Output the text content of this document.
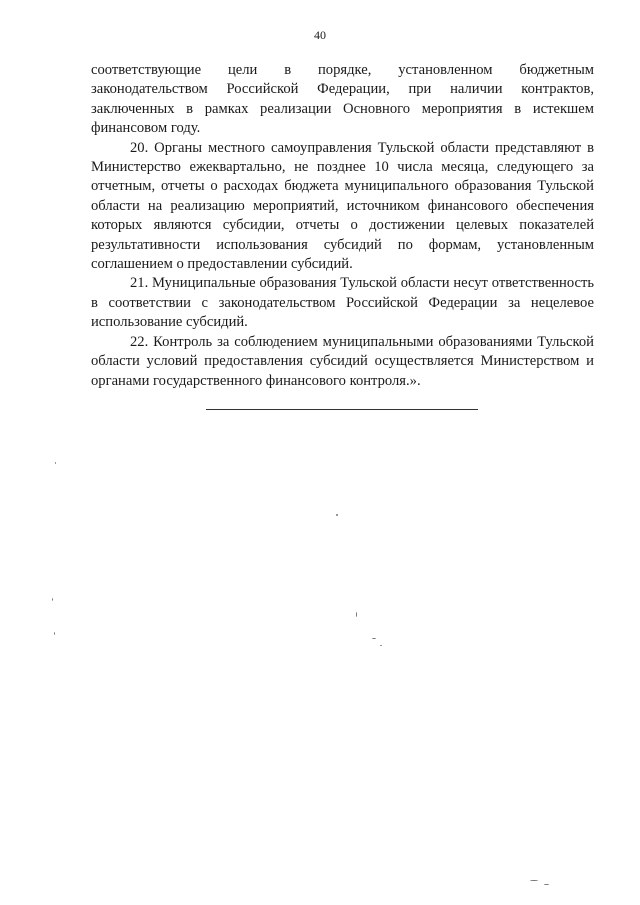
40

соответствующие цели в порядке, установленном бюджетным законодательством Российской Федерации, при наличии контрактов, заключенных в рамках реализации Основного мероприятия в истекшем финансовом году.

20. Органы местного самоуправления Тульской области представляют в Министерство ежеквартально, не позднее 10 числа месяца, следующего за отчетным, отчеты о расходах бюджета муниципального образования Тульской области на реализацию мероприятий, источником финансового обеспечения которых являются субсидии, отчеты о достижении целевых показателей результативности использования субсидий по формам, установленным соглашением о предоставлении субсидий.

21. Муниципальные образования Тульской области несут ответственность в соответствии с законодательством Российской Федерации за нецелевое использование субсидий.

22. Контроль за соблюдением муниципальными образованиями Тульской области условий предоставления субсидий осуществляется Министерством и органами государственного финансового контроля.».
